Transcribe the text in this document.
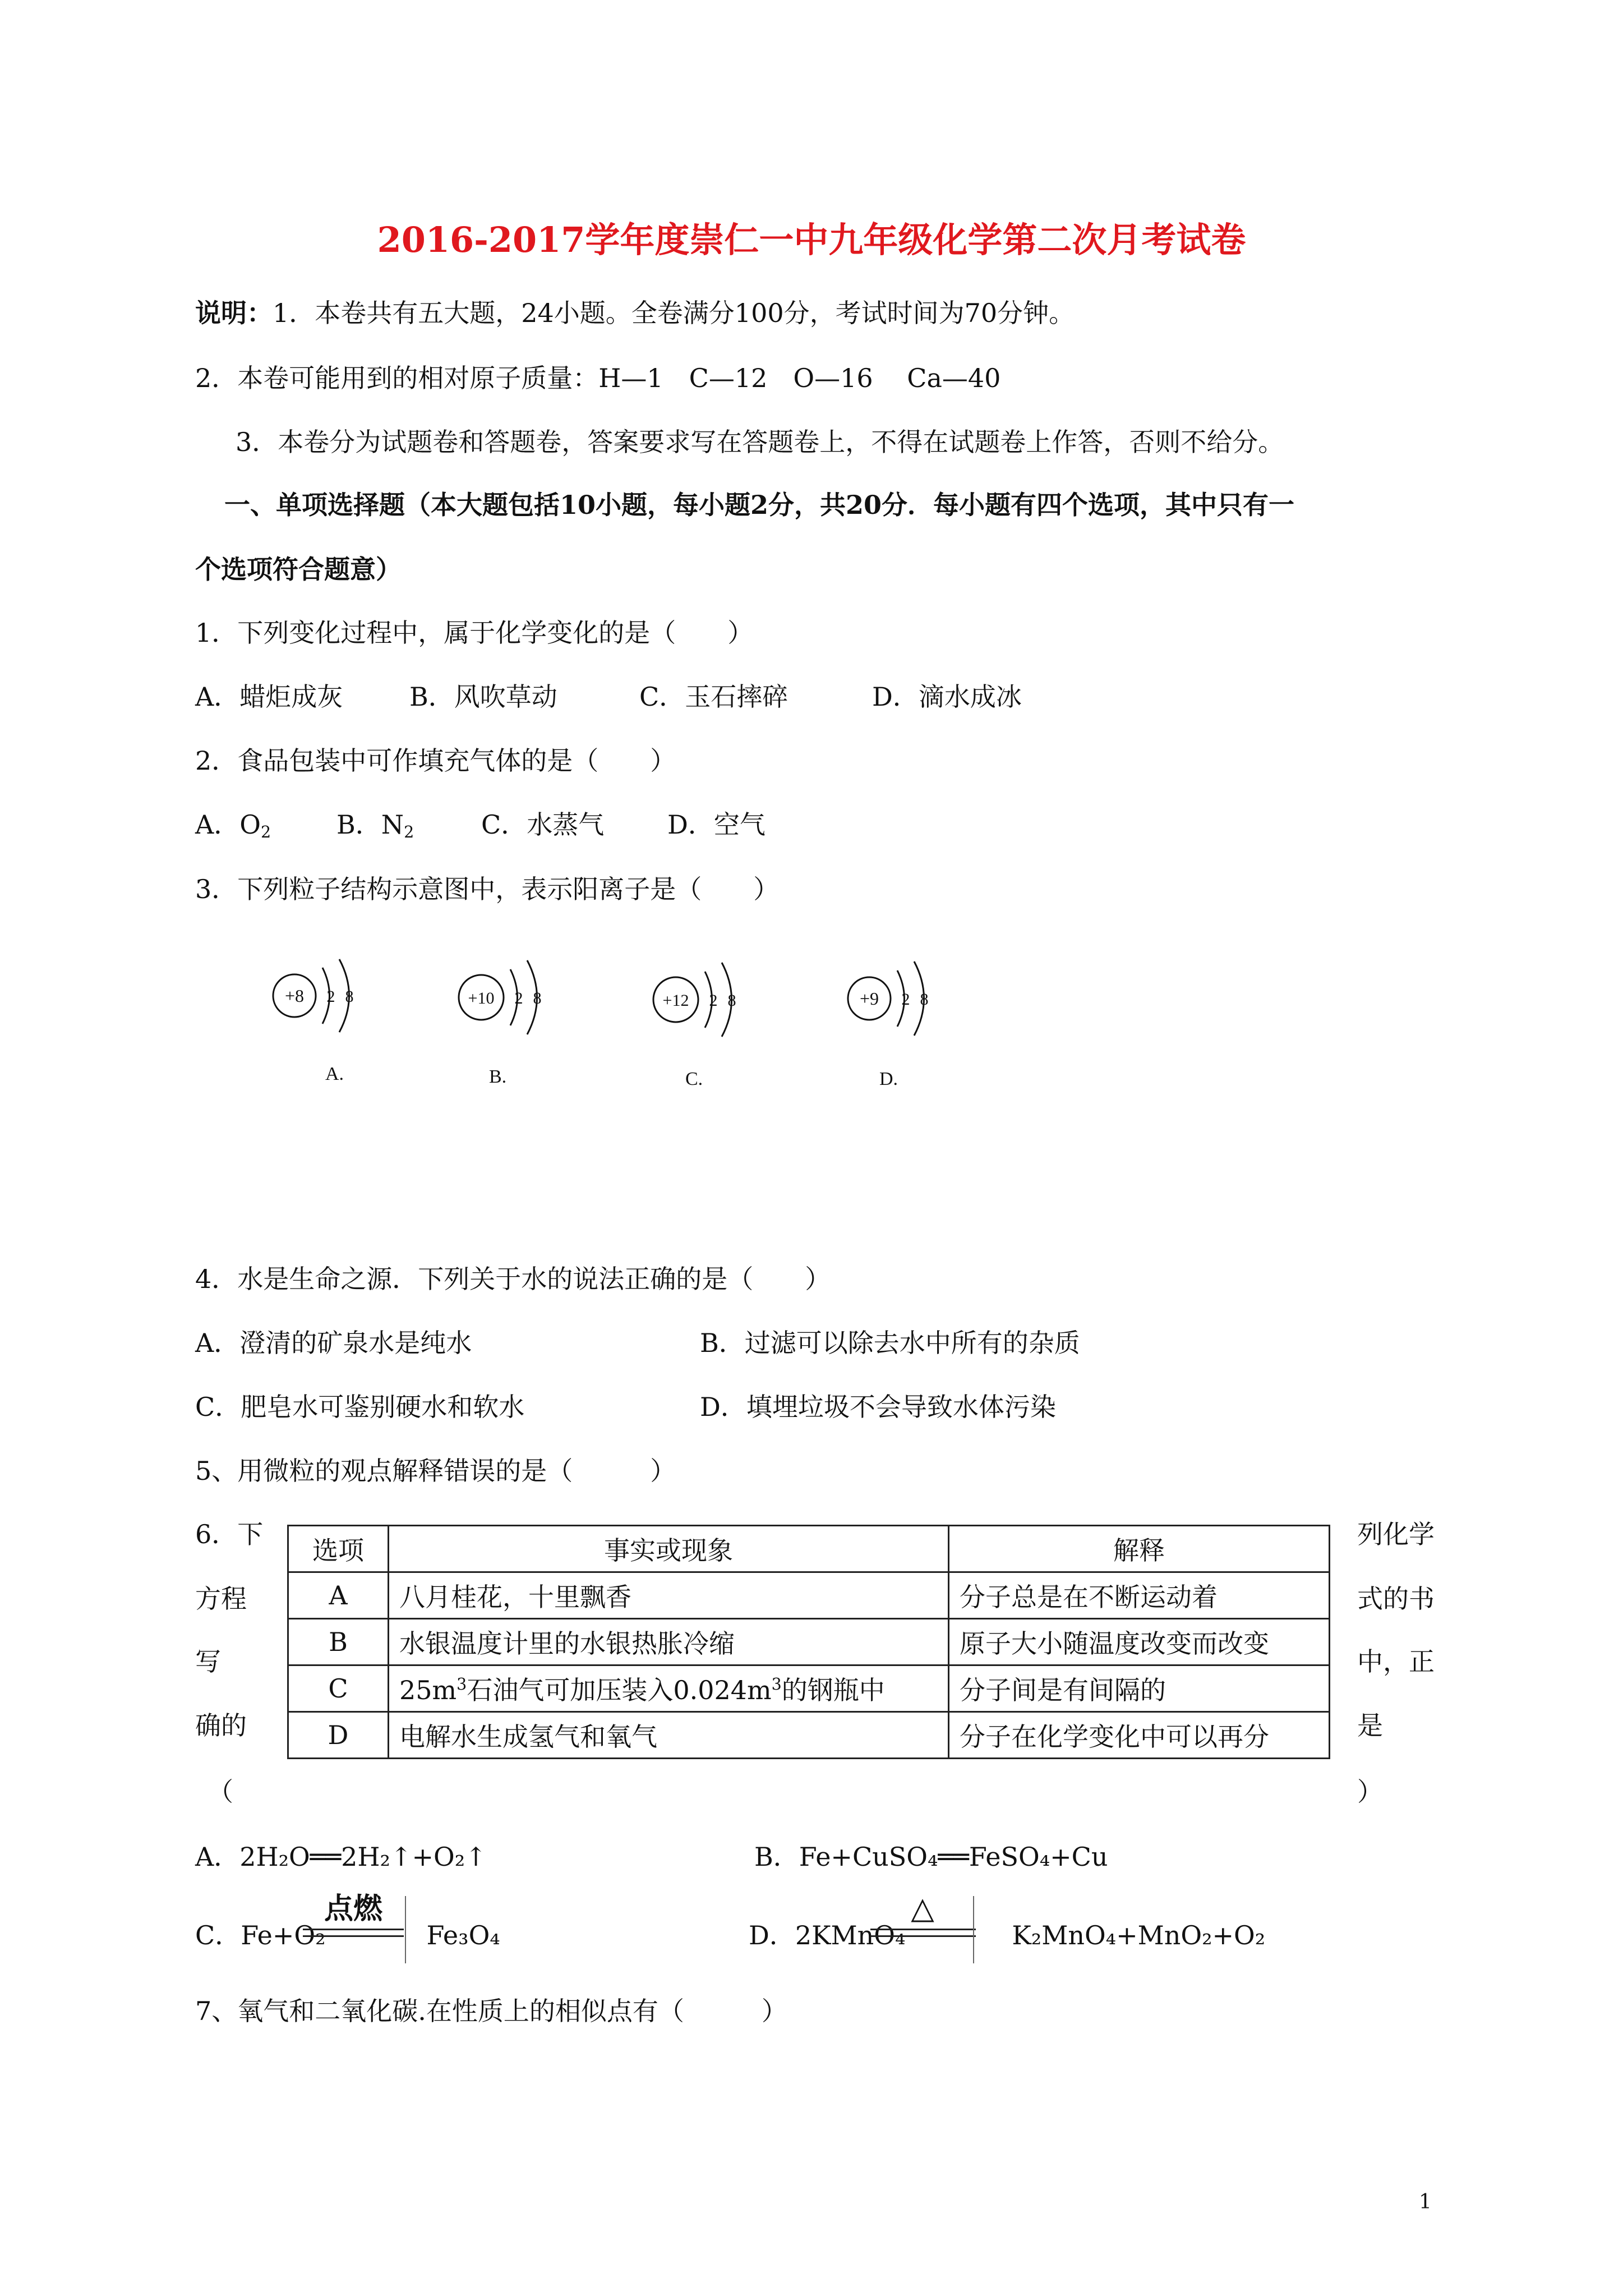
2016-2017学年度崇仁一中九年级化学第二次月考试卷
说明：1．本卷共有五大题，24小题。全卷满分100分，考试时间为70分钟。
2．本卷可能用到的相对原子质量：H—1　C—12　O—16　 Ca—40
3．本卷分为试题卷和答题卷，答案要求写在答题卷上，不得在试题卷上作答，否则不给分。
一、单项选择题（本大题包括10小题，每小题2分，共20分．每小题有四个选项，其中只有一
个选项符合题意）
1．下列变化过程中，属于化学变化的是（　　）
A．蜡炬成灰	B．风吹草动	C．玉石摔碎	D．滴水成冰
2．食品包装中可作填充气体的是（　　）
A．$O_2$	B．$N_2$	C．水蒸气 D．空气
3．下列粒子结构示意图中，表示阳离子是（　　）
+8 2 8
A.
+10 2 8
B.
+12 2 8
C.
+9 2 8
D.
4．水是生命之源．下列关于水的说法正确的是（　　）
A．澄清的矿泉水是纯水	B．过滤可以除去水中所有的杂质
C．肥皂水可鉴别硬水和软水	D．填埋垃圾不会导致水体污染
5、用微粒的观点解释错误的是（　　　）
选项	事实或现象	解释
A	八月桂花，十里飘香	分子总是在不断运动着
B	水银温度计里的水银热胀冷缩	原子大小随温度改变而改变
C	$25m^3$石油气可加压装入$0.024m^3$的钢瓶中	分子间是有间隔的
D	电解水生成氢气和氧气	分子在化学变化中可以再分
6．下
方程
写
确的
（
列化学
式的书
中，正
是
）
A．2H₂O══2H₂↑+O₂↑	B．Fe+CuSO₄══FeSO₄+Cu
C．Fe+O₂	Fe₃O₄
点燃
D．2KMnO₄	K₂MnO₄+MnO₂+O₂
△
7、氧气和二氧化碳.在性质上的相似点有（　　　）
1
